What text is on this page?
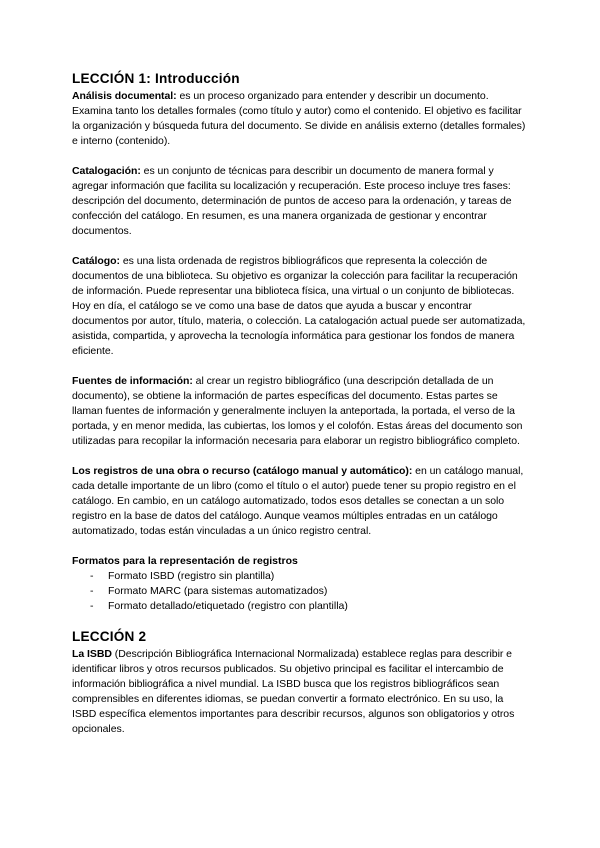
LECCIÓN 1: Introducción

Análisis documental: es un proceso organizado para entender y describir un documento. Examina tanto los detalles formales (como título y autor) como el contenido. El objetivo es facilitar la organización y búsqueda futura del documento. Se divide en análisis externo (detalles formales) e interno (contenido).

Catalogación: es un conjunto de técnicas para describir un documento de manera formal y agregar información que facilita su localización y recuperación. Este proceso incluye tres fases: descripción del documento, determinación de puntos de acceso para la ordenación, y tareas de confección del catálogo. En resumen, es una manera organizada de gestionar y encontrar documentos.

Catálogo: es una lista ordenada de registros bibliográficos que representa la colección de documentos de una biblioteca. Su objetivo es organizar la colección para facilitar la recuperación de información. Puede representar una biblioteca física, una virtual o un conjunto de bibliotecas. Hoy en día, el catálogo se ve como una base de datos que ayuda a buscar y encontrar documentos por autor, título, materia, o colección. La catalogación actual puede ser automatizada, asistida, compartida, y aprovecha la tecnología informática para gestionar los fondos de manera eficiente.

Fuentes de información: al crear un registro bibliográfico (una descripción detallada de un documento), se obtiene la información de partes específicas del documento. Estas partes se llaman fuentes de información y generalmente incluyen la anteportada, la portada, el verso de la portada, y en menor medida, las cubiertas, los lomos y el colofón. Estas áreas del documento son utilizadas para recopilar la información necesaria para elaborar un registro bibliográfico completo.

Los registros de una obra o recurso (catálogo manual y automático): en un catálogo manual, cada detalle importante de un libro (como el título o el autor) puede tener su propio registro en el catálogo. En cambio, en un catálogo automatizado, todos esos detalles se conectan a un solo registro en la base de datos del catálogo. Aunque veamos múltiples entradas en un catálogo automatizado, todas están vinculadas a un único registro central.

Formatos para la representación de registros
- Formato ISBD (registro sin plantilla)
- Formato MARC (para sistemas automatizados)
- Formato detallado/etiquetado (registro con plantilla)
LECCIÓN 2

La ISBD (Descripción Bibliográfica Internacional Normalizada) establece reglas para describir e identificar libros y otros recursos publicados. Su objetivo principal es facilitar el intercambio de información bibliográfica a nivel mundial. La ISBD busca que los registros bibliográficos sean comprensibles en diferentes idiomas, se puedan convertir a formato electrónico. En su uso, la ISBD específica elementos importantes para describir recursos, algunos son obligatorios y otros opcionales.
